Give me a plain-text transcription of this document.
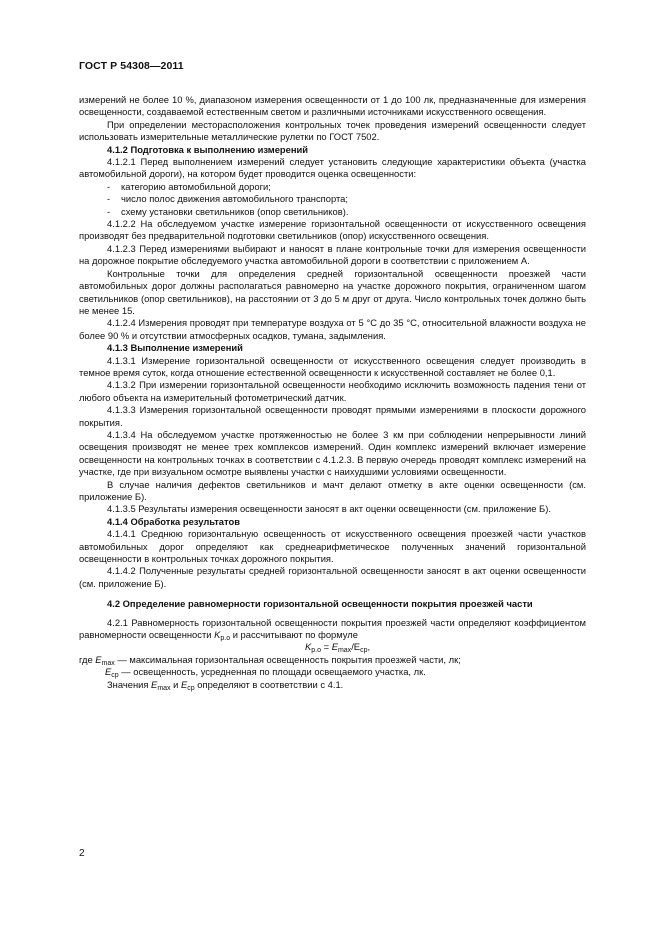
ГОСТ Р 54308—2011

измерений не более 10 %, диапазоном измерения освещенности от 1 до 100 лк, предназначенные для измерения освещенности, создаваемой естественным светом и различными источниками искусственного освещения.

При определении месторасположения контрольных точек проведения измерений освещенности следует использовать измерительные металлические рулетки по ГОСТ 7502.

4.1.2 Подготовка к выполнению измерений

4.1.2.1 Перед выполнением измерений следует установить следующие характеристики объекта (участка автомобильной дороги), на котором будет проводится оценка освещенности:

- категорию автомобильной дороги;

- число полос движения автомобильного транспорта;

- схему установки светильников (опор светильников).

4.1.2.2 На обследуемом участке измерение горизонтальной освещенности от искусственного освещения производят без предварительной подготовки светильников (опор) искусственного освещения.

4.1.2.3 Перед измерениями выбирают и наносят в плане контрольные точки для измерения освещенности на дорожное покрытие обследуемого участка автомобильной дороги в соответствии с приложением А.

Контрольные точки для определения средней горизонтальной освещенности проезжей части автомобильных дорог должны располагаться равномерно на участке дорожного покрытия, ограниченном шагом светильников (опор светильников), на расстоянии от 3 до 5 м друг от друга. Число контрольных точек должно быть не менее 15.

4.1.2.4 Измерения проводят при температуре воздуха от 5 °С до 35 °С, относительной влажности воздуха не более 90 % и отсутствии атмосферных осадков, тумана, задымления.

4.1.3 Выполнение измерений

4.1.3.1 Измерение горизонтальной освещенности от искусственного освещения следует производить в темное время суток, когда отношение естественной освещенности к искусственной составляет не более 0,1.

4.1.3.2 При измерении горизонтальной освещенности необходимо исключить возможность падения тени от любого объекта на измерительный фотометрический датчик.

4.1.3.3 Измерения горизонтальной освещенности проводят прямыми измерениями в плоскости дорожного покрытия.

4.1.3.4 На обследуемом участке протяженностью не более 3 км при соблюдении непрерывности линий освещения производят не менее трех комплексов измерений. Один комплекс измерений включает измерение освещенности на контрольных точках в соответствии с 4.1.2.3. В первую очередь проводят комплекс измерений на участке, где при визуальном осмотре выявлены участки с наихудшими условиями освещенности.

В случае наличия дефектов светильников и мачт делают отметку в акте оценки освещенности (см. приложение Б).

4.1.3.5 Результаты измерения освещенности заносят в акт оценки освещенности (см. приложение Б).

4.1.4 Обработка результатов

4.1.4.1 Среднюю горизонтальную освещенность от искусственного освещения проезжей части участков автомобильных дорог определяют как среднеарифметическое полученных значений горизонтальной освещенности в контрольных точках дорожного покрытия.

4.1.4.2 Полученные результаты средней горизонтальной освещенности заносят в акт оценки освещенности (см. приложение Б).

4.2 Определение равномерности горизонтальной освещенности покрытия проезжей части

4.2.1 Равномерность горизонтальной освещенности покрытия проезжей части определяют коэффициентом равномерности освещенности $K_{р.о}$ и рассчитывают по формуле

$K_{р.о} = E_{max}/E_{ср}$,

где $E_{max}$ — максимальная горизонтальная освещенность покрытия проезжей части, лк;

$E_{ср}$ — освещенность, усредненная по площади освещаемого участка, лк.

Значения $E_{max}$ и $E_{ср}$ определяют в соответствии с 4.1.

2
